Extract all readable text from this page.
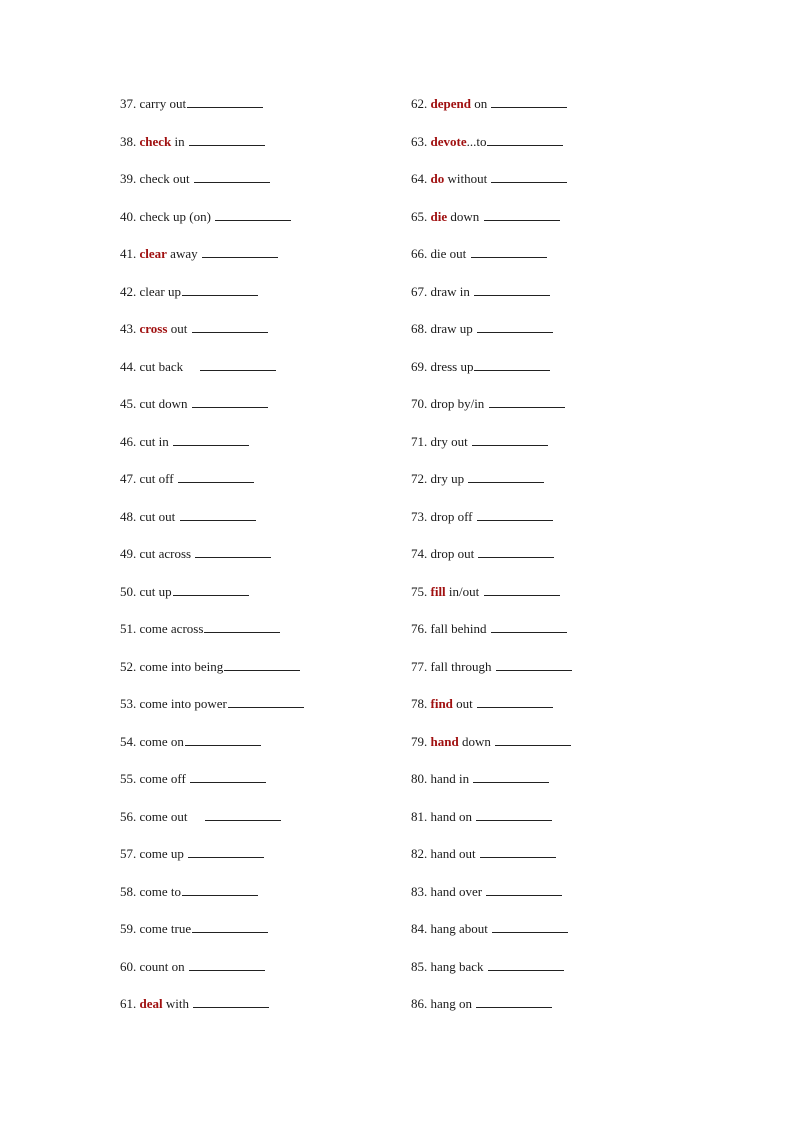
37. carry out
38. check in
39. check out
40. check up (on)
41. clear away
42. clear up
43. cross out
44. cut back
45. cut down
46. cut in
47. cut off
48. cut out
49. cut across
50. cut up
51. come across
52. come into being
53. come into power
54. come on
55. come off
56. come out
57. come up
58. come to
59. come true
60. count on
61. deal with
62. depend on
63. devote...to
64. do without
65. die down
66. die out
67. draw in
68. draw up
69. dress up
70. drop by/in
71. dry out
72. dry up
73. drop off
74. drop out
75. fill in/out
76. fall behind
77. fall through
78. find out
79. hand down
80. hand in
81. hand on
82. hand out
83. hand over
84. hang about
85. hang back
86. hang on
